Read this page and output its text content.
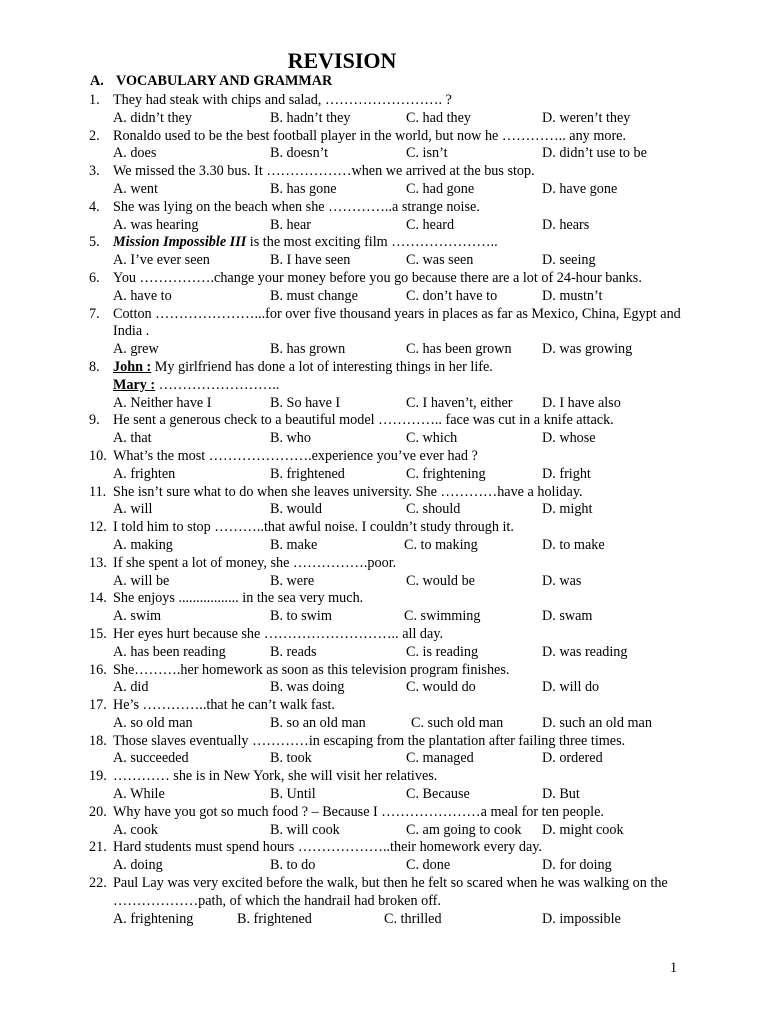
REVISION
A. VOCABULARY AND GRAMMAR
1. They had steak with chips and salad, ……………………. ?
A. didn’t they	B. hadn’t they	C. had they	D. weren’t they
2. Ronaldo used to be the best football player in the world, but now he ………….. any more.
A. does	B. doesn’t	C. isn’t	D. didn’t use to be
3. We missed the 3.30 bus. It ………………when we arrived at the bus stop.
A. went	B. has gone	C. had gone	D. have gone
4. She was lying on the beach when she …………..a strange noise.
A. was hearing	B. hear	C. heard	D. hears
5. Mission Impossible III is the most exciting film …………………..
A. I’ve ever seen	B. I have seen	C. was seen	D. seeing
6. You …………….change your money before you go because there are a lot of 24-hour banks.
A. have to	B. must change	C. don’t have to	D. mustn’t
7. Cotton …………………...for over five thousand years in places as far as Mexico, China, Egypt and India .
A. grew	B. has grown	C. has been grown D. was growing
8. John : My girlfriend has done a lot of interesting things in her life.
Mary : ……………………..
A. Neither have I	B. So have I	C. I haven’t, either D. I have also
9. He sent a generous check to a beautiful model ………….. face was cut in a knife attack.
A. that	B. who	C. which	D. whose
10. What’s the most ………………….experience you’ve ever had ?
A. frighten	B. frightened	C. frightening	D. fright
11. She isn’t sure what to do when she leaves university. She …………have a holiday.
A. will	B. would	C. should	D. might
12. I told him to stop ………..that awful noise. I couldn’t study through it.
A. making	B. make	C. to making	D. to make
13. If she spent a lot of money, she …………….poor.
A. will be	B. were	C. would be	D. was
14. She enjoys ................. in the sea very much.
A. swim	B. to swim	C. swimming	D. swam
15. Her eyes hurt because she ……………………….. all day.
A. has been reading	B. reads	C. is reading	D. was reading
16. She……….her homework as soon as this television program finishes.
A. did	B. was doing	C. would do	D. will do
17. He’s …………..that he can’t walk fast.
A. so old man	B. so an old man	C. such old man	D. such an old man
18. Those slaves eventually …………in escaping from the plantation after failing three times.
A. succeeded	B. took	C. managed	D. ordered
19. ………… she is in New York, she will visit her relatives.
A. While	B. Until	C. Because	D. But
20. Why have you got so much food ? – Because I …………………a meal for ten people.
A. cook	B. will cook	C. am going to cook D. might cook
21. Hard students must spend hours ………………..their homework every day.
A. doing	B. to do	C. done	D. for doing
22. Paul Lay was very excited before the walk, but then he felt so scared when he was walking on the ………………path, of which the handrail had broken off.
A. frightening	B. frightened	C. thrilled	D. impossible
1
